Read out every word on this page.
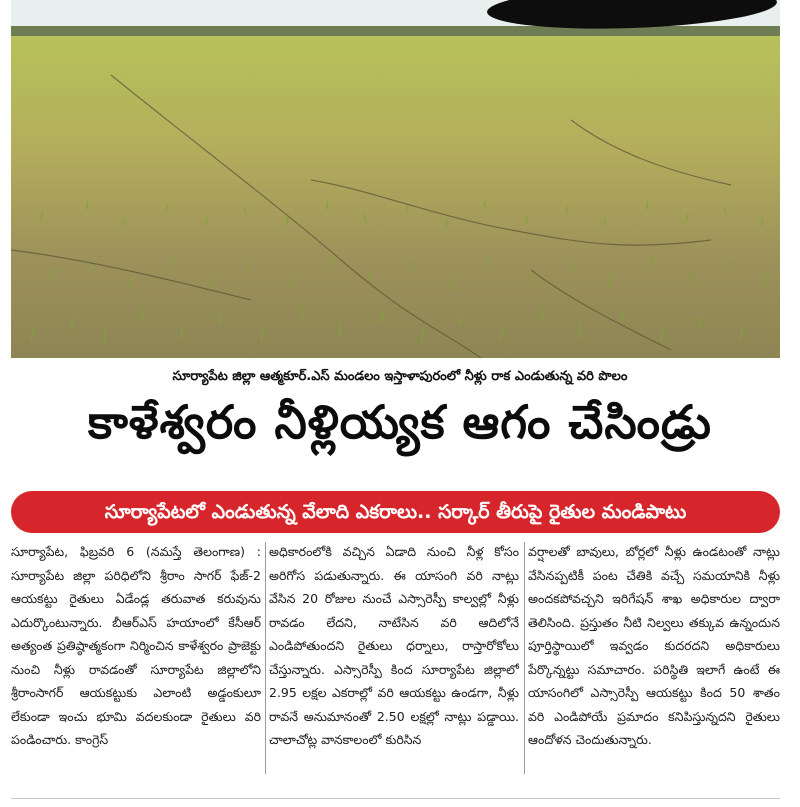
సూర్యాపేట జిల్లా ఆత్మకూర్.ఎస్ మండలం ఇస్తాళాపురంలో నీళ్లు రాక ఎండుతున్న వరి పొలం
కాళేశ్వరం నీళ్లియ్యక ఆగం చేసిండ్రు
సూర్యాపేటలో ఎండుతున్న వేలాది ఎకరాలు.. సర్కార్ తీరుపై రైతుల మండిపాటు
సూర్యాపేట, ఫిబ్రవరి 6 (నమస్తే తెలంగాణ) : సూర్యాపేట జిల్లా పరిధిలోని శ్రీరాం సాగర్ ఫేజ్-2 ఆయకట్టు రైతులు ఏడేండ్ల తరువాత కరువును ఎదుర్కొంటున్నారు. బీఆర్ఎస్ హయాంలో కేసీఆర్ అత్యంత ప్రతిష్ఠాత్మకంగా నిర్మించిన కాళేశ్వరం ప్రాజెక్టు నుంచి నీళ్లు రావడంతో సూర్యాపేట జిల్లాలోని శ్రీరాంసాగర్ ఆయకట్టుకు ఎలాంటి అడ్డంకులూ లేకుండా ఇంచు భూమి వదలకుండా రైతులు వరి పండించారు. కాంగ్రెస్
అధికారంలోకి వచ్చిన ఏడాది నుంచి నీళ్ల కోసం అరిగోస పడుతున్నారు. ఈ యాసంగి వరి నాట్లు వేసిన 20 రోజుల నుంచే ఎస్సారెస్పీ కాల్వల్లో నీళ్లు రావడం లేదని, నాటేసిన వరి ఆదిలోనే ఎండిపోతుందని రైతులు ధర్నాలు, రాస్తారోకోలు చేస్తున్నారు. ఎస్సారెస్పీ కింద సూర్యాపేట జిల్లాలో 2.95 లక్షల ఎకరాల్లో వరి ఆయకట్టు ఉండగా, నీళ్లు రావనే అనుమానంతో 2.50 లక్షల్లో నాట్లు పడ్డాయి. చాలాచోట్ల వానకాలంలో కురిసిన
వర్షాలతో బావులు, బోర్లలో నీళ్లు ఉండటంతో నాట్లు వేసినప్పటికీ పంట చేతికి వచ్చే సమయానికి నీళ్లు అందకపోవచ్చని ఇరిగేషన్ శాఖ అధికారుల ద్వారా తెలిసింది. ప్రస్తుతం నీటి నిల్వలు తక్కువ ఉన్నందున పూర్తిస్థాయిలో ఇవ్వడం కుదరదని అధికారులు పేర్కొన్నట్టు సమాచారం. పరిస్థితి ఇలాగే ఉంటే ఈ యాసంగిలో ఎస్సారెస్పీ ఆయకట్టు కింద 50 శాతం వరి ఎండిపోయే ప్రమాదం కనిపిస్తున్నదని రైతులు ఆందోళన చెందుతున్నారు.
